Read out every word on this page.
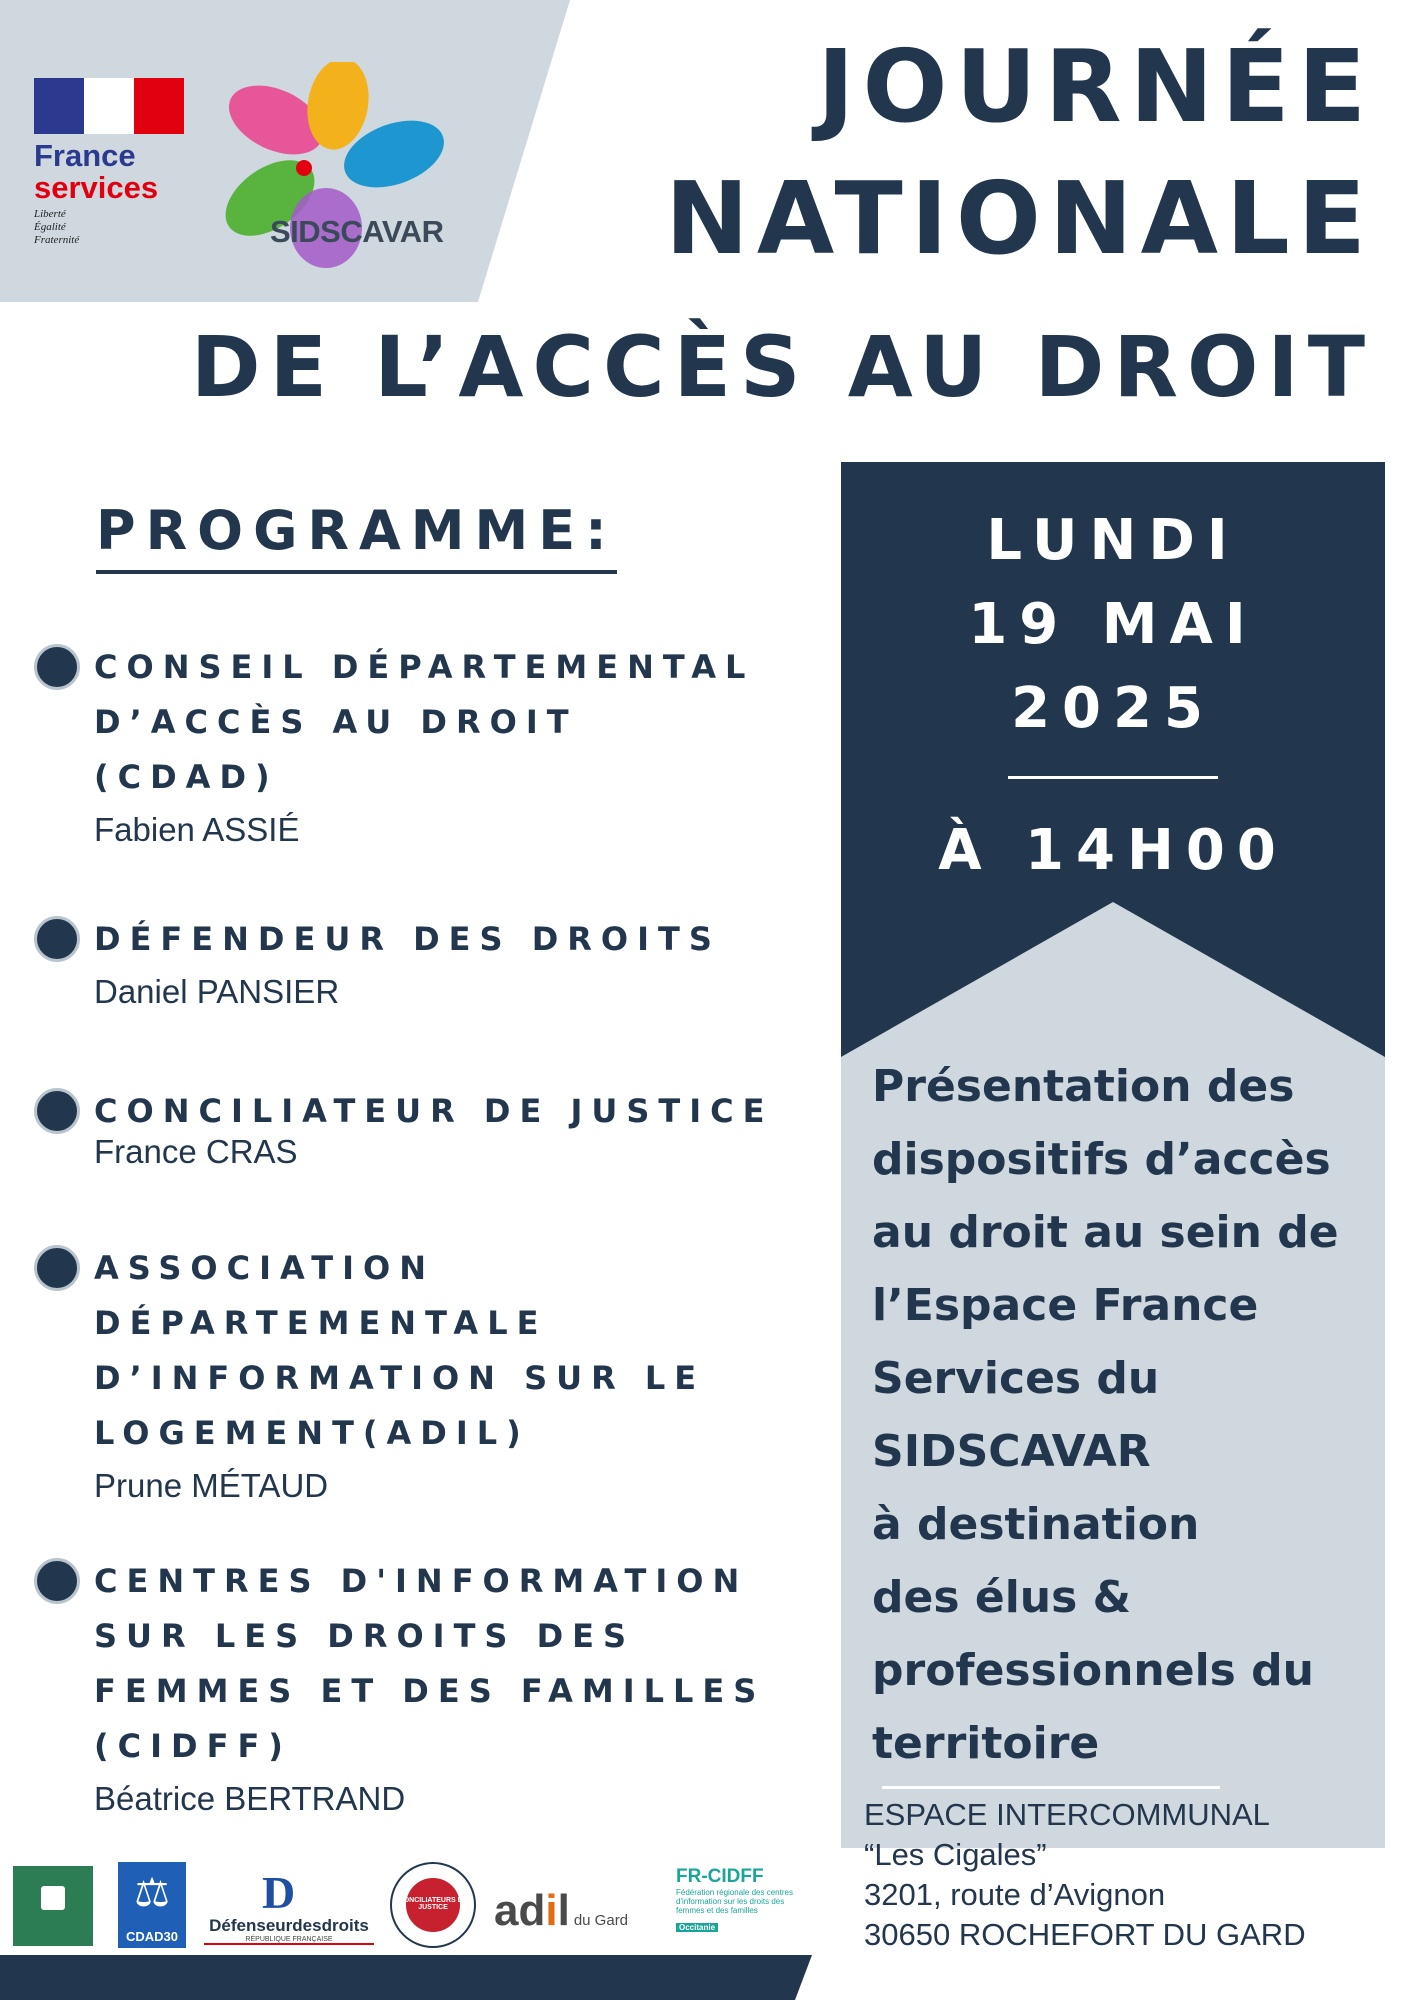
France
services
Liberté
Égalité
Fraternité	SIDSCAVAR
JOURNÉE
NATIONALE
DE L’ACCÈS AU DROIT
PROGRAMME:
CONSEIL DÉPARTEMENTAL
D’ACCÈS AU DROIT
(CDAD)
Fabien ASSIÉ
DÉFENDEUR DES DROITS
Daniel PANSIER
CONCILIATEUR DE JUSTICE
France CRAS
ASSOCIATION
DÉPARTEMENTALE
D’INFORMATION SUR LE
LOGEMENT(ADIL)
Prune MÉTAUD
CENTRES D'INFORMATION
SUR LES DROITS DES
FEMMES ET DES FAMILLES
(CIDFF)
Béatrice BERTRAND
LUNDI
19 MAI
2025
À 14H00
Présentation des
dispositifs d’accès
au droit au sein de
l’Espace France
Services du
SIDSCAVAR
à destination
des élus &
professionnels du
territoire
ESPACE INTERCOMMUNAL
“Les Cigales”
3201, route d’Avignon
30650 ROCHEFORT DU GARD
⚖
CDAD30
D
Défenseurdesdroits
RÉPUBLIQUE FRANÇAISE
CONCILIATEURS DE JUSTICE	adil du Gard
FR-CIDFF
Fédération régionale des centres d'information sur les droits des femmes et des familles
Occitanie
